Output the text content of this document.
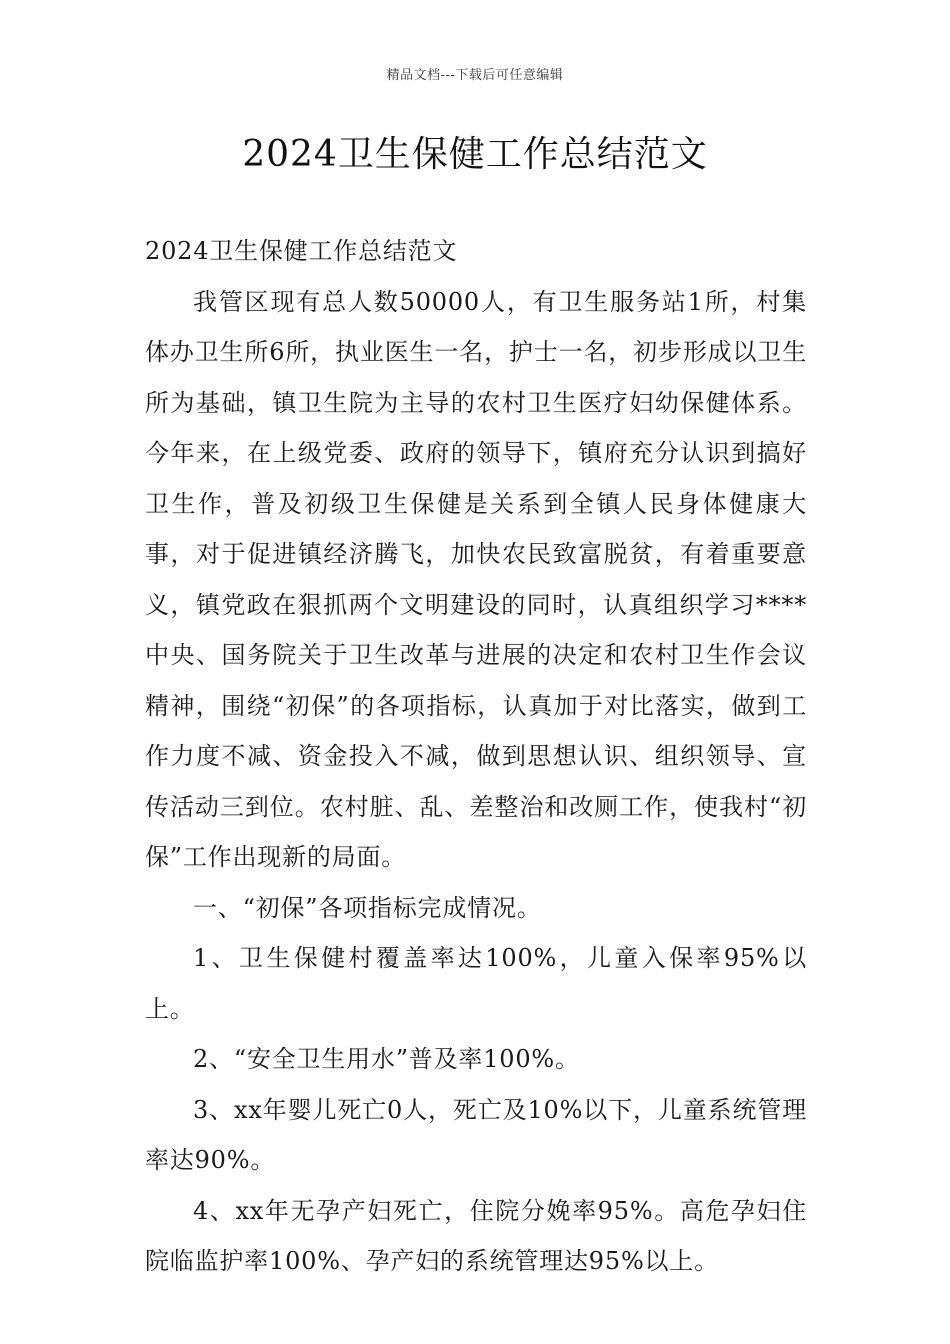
精品文档---下载后可任意编辑
2024卫生保健工作总结范文

2024卫生保健工作总结范文

我管区现有总人数50000人，有卫生服务站1所，村集体办卫生所6所，执业医生一名，护士一名，初步形成以卫生所为基础，镇卫生院为主导的农村卫生医疗妇幼保健体系。今年来，在上级党委、政府的领导下，镇府充分认识到搞好卫生作，普及初级卫生保健是关系到全镇人民身体健康大事，对于促进镇经济腾飞，加快农民致富脱贫，有着重要意义，镇党政在狠抓两个文明建设的同时，认真组织学习****中央、国务院关于卫生改革与进展的决定和农村卫生作会议精神，围绕“初保”的各项指标，认真加于对比落实，做到工作力度不减、资金投入不减，做到思想认识、组织领导、宣传活动三到位。农村脏、乱、差整治和改厕工作，使我村“初保”工作出现新的局面。

一、“初保”各项指标完成情况。

1、卫生保健村覆盖率达100%，儿童入保率95%以上。

2、“安全卫生用水”普及率100%。

3、xx年婴儿死亡0人，死亡及10%以下，儿童系统管理率达90%。

4、xx年无孕产妇死亡，住院分娩率95%。高危孕妇住院临监护率100%、孕产妇的系统管理达95%以上。
